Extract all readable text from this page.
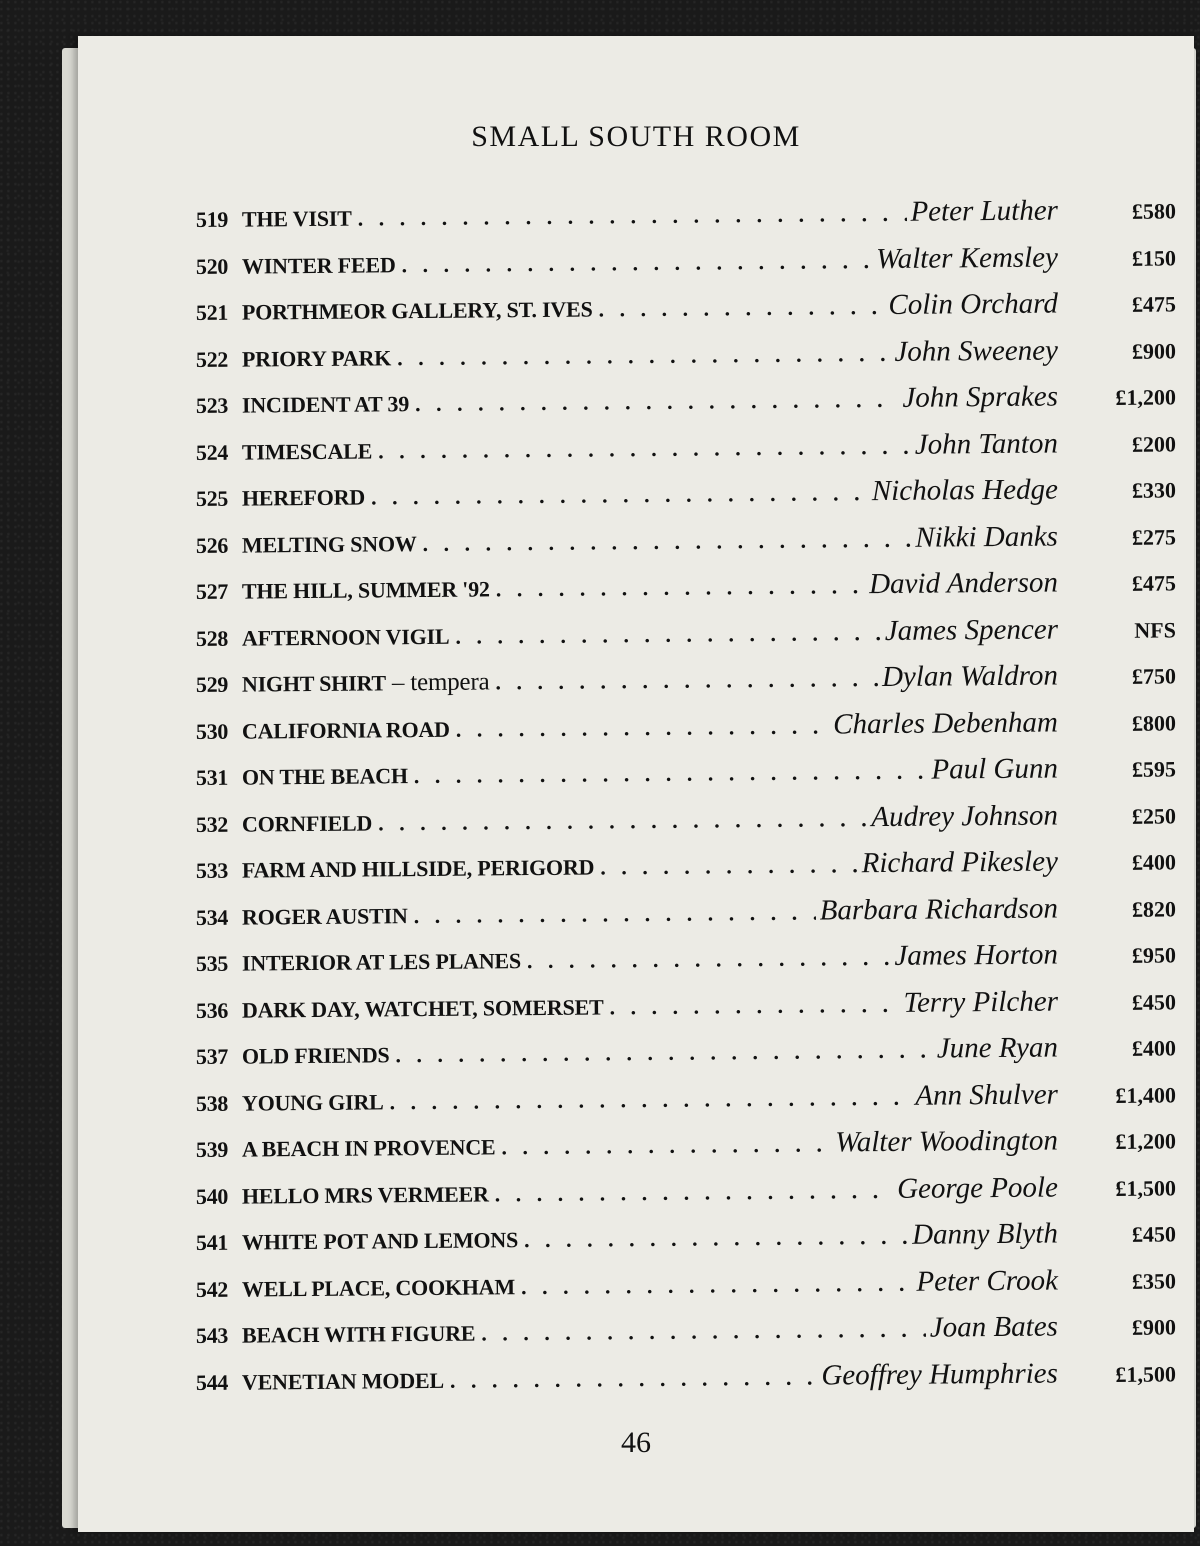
SMALL SOUTH ROOM
519 THE VISIT . . .	Peter Luther	£580
520 WINTER FEED . . .	Walter Kemsley	£150
521 PORTHMEOR GALLERY, ST. IVES . . .	Colin Orchard	£475
522 PRIORY PARK . . .	John Sweeney	£900
523 INCIDENT AT 39 . . .	John Sprakes	£1,200
524 TIMESCALE . . .	John Tanton	£200
525 HEREFORD . . .	Nicholas Hedge	£330
526 MELTING SNOW . . .	Nikki Danks	£275
527 THE HILL, SUMMER '92 . . .	David Anderson	£475
528 AFTERNOON VIGIL . . .	James Spencer	NFS
529 NIGHT SHIRT – tempera . . .	Dylan Waldron	£750
530 CALIFORNIA ROAD . . .	Charles Debenham	£800
531 ON THE BEACH . . .	Paul Gunn	£595
532 CORNFIELD . . .	Audrey Johnson	£250
533 FARM AND HILLSIDE, PERIGORD . . .	Richard Pikesley	£400
534 ROGER AUSTIN . . .	Barbara Richardson	£820
535 INTERIOR AT LES PLANES . . .	James Horton	£950
536 DARK DAY, WATCHET, SOMERSET . . .	Terry Pilcher	£450
537 OLD FRIENDS . . .	June Ryan	£400
538 YOUNG GIRL . . .	Ann Shulver	£1,400
539 A BEACH IN PROVENCE . . .	Walter Woodington	£1,200
540 HELLO MRS VERMEER . . .	George Poole	£1,500
541 WHITE POT AND LEMONS . . .	Danny Blyth	£450
542 WELL PLACE, COOKHAM . . .	Peter Crook	£350
543 BEACH WITH FIGURE . . .	Joan Bates	£900
544 VENETIAN MODEL . . .	Geoffrey Humphries	£1,500
46
